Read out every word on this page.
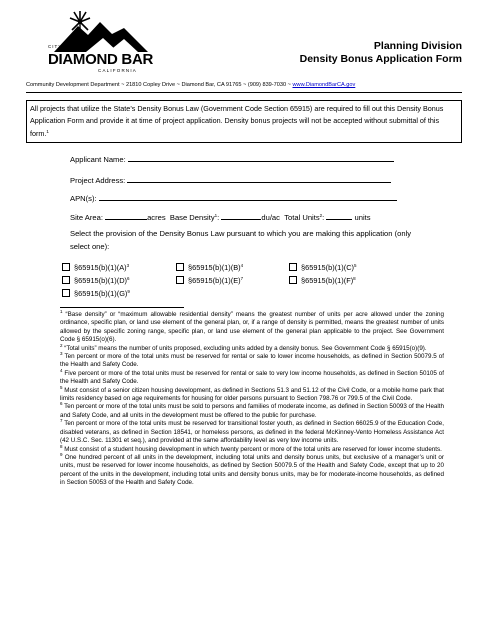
CITY OF
DIAMOND BAR
CALIFORNIA
Planning Division
Density Bonus Application Form
Community Development Department ~ 21810 Copley Drive ~ Diamond Bar, CA 91765 ~ (909) 839-7030 ~ www.DiamondBarCA.gov
All projects that utilize the State’s Density Bonus Law (Government Code Section 65915) are required to fill out this Density Bonus Application Form and provide it at time of project application. Density bonus projects will not be accepted without submittal of this form.$^1$
Applicant Name:
Project Address:
APN(s):
Site Area:	acres Base Density$^1$:	du/ac Total Units$^2$:	units
Select the provision of the Density Bonus Law pursuant to which you are making this application (only select one):
$\S 65915(b)(1)(A)^3$	$\S 65915(b)(1)(B)^4$	$\S 65915(b)(1)(C)^5$
$\S 65915(b)(1)(D)^6$	$\S 65915(b)(1)(E)^7$	$\S 65915(b)(1)(F)^8$
$\S 65915(b)(1)(G)^9$

$^1$ “Base density” or “maximum allowable residential density” means the greatest number of units per acre allowed under the zoning ordinance, specific plan, or land use element of the general plan, or, if a range of density is permitted, means the greatest number of units allowed by the specific zoning range, specific plan, or land use element of the general plan applicable to the project. See Government Code § 65915(o)(6).

$^2$ “Total units” means the number of units proposed, excluding units added by a density bonus. See Government Code § 65915(o)(9).

$^3$ Ten percent or more of the total units must be reserved for rental or sale to lower income households, as defined in Section 50079.5 of the Health and Safety Code.

$^4$ Five percent or more of the total units must be reserved for rental or sale to very low income households, as defined in Section 50105 of the Health and Safety Code.

$^5$ Must consist of a senior citizen housing development, as defined in Sections 51.3 and 51.12 of the Civil Code, or a mobile home park that limits residency based on age requirements for housing for older persons pursuant to Section 798.76 or 799.5 of the Civil Code.

$^6$ Ten percent or more of the total units must be sold to persons and families of moderate income, as defined in Section 50093 of the Health and Safety Code, and all units in the development must be offered to the public for purchase.

$^7$ Ten percent or more of the total units must be reserved for transitional foster youth, as defined in Section 66025.9 of the Education Code, disabled veterans, as defined in Section 18541, or homeless persons, as defined in the federal McKinney-Vento Homeless Assistance Act (42 U.S.C. Sec. 11301 et seq.), and provided at the same affordability level as very low income units.

$^8$ Must consist of a student housing development in which twenty percent or more of the total units are reserved for lower income students.

$^9$ One hundred percent of all units in the development, including total units and density bonus units, but exclusive of a manager’s unit or units, must be reserved for lower income households, as defined by Section 50079.5 of the Health and Safety Code, except that up to 20 percent of the units in the development, including total units and density bonus units, may be for moderate-income households, as defined in Section 50053 of the Health and Safety Code.
